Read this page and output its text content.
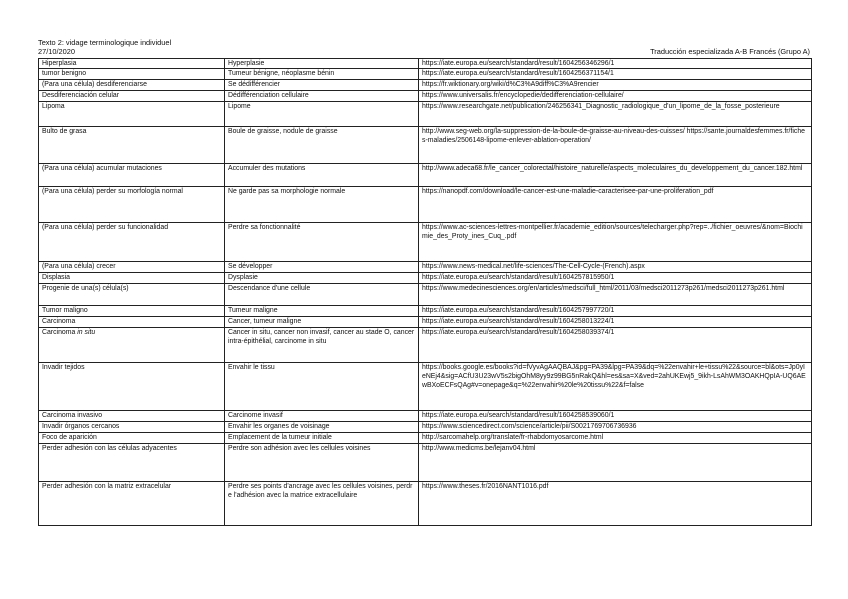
Texto 2: vidage terminologique individuel
27/10/2020	Traducción especializada A-B Francés (Grupo A)
Hiperplasia	Hyperplasie	https://iate.europa.eu/search/standard/result/1604256346296/1
tumor benigno	Tumeur bénigne, néoplasme bénin	https://iate.europa.eu/search/standard/result/1604256371154/1
(Para una célula) desdiferenciarse	Se dédifférencier	https://fr.wiktionary.org/wiki/d%C3%A9diff%C3%A9rencier
Desdiferenciación celular	Dédifférenciation cellulaire	https://www.universalis.fr/encyclopedie/dedifferenciation-cellulaire/
Lipoma	Lipome	https://www.researchgate.net/publication/246256341_Diagnostic_radiologique_d'un_lipome_de_la_fosse_posterieure
Bulto de grasa	Boule de graisse, nodule de graisse	http://www.seg-web.org/la-suppression-de-la-boule-de-graisse-au-niveau-des-cuisses/ https://sante.journaldesfemmes.fr/fiches-maladies/2506148-lipome-enlever-ablation-operation/
(Para una célula) acumular mutaciones	Accumuler des mutations	http://www.adeca68.fr/le_cancer_colorectal/histoire_naturelle/aspects_moleculaires_du_developpement_du_cancer.182.html
(Para una célula) perder su morfología normal	Ne garde pas sa morphologie normale	https://nanopdf.com/download/le-cancer-est-une-maladie-caracterisee-par-une-proliferation_pdf
(Para una célula) perder su funcionalidad	Perdre sa fonctionnalité	https://www.ac-sciences-lettres-montpellier.fr/academie_edition/sources/telecharger.php?rep=../fichier_oeuvres/&nom=Biochimie_des_Proty_ines_Cuq_.pdf
(Para una célula) crecer	Se développer	https://www.news-medical.net/life-sciences/The-Cell-Cycle-(French).aspx
Displasia	Dysplasie	https://iate.europa.eu/search/standard/result/1604257815950/1
Progenie de una(s) célula(s)	Descendance d'une cellule	https://www.medecinesciences.org/en/articles/medsci/full_html/2011/03/medsci2011273p261/medsci2011273p261.html
Tumor maligno	Tumeur maligne	https://iate.europa.eu/search/standard/result/1604257997720/1
Carcinoma	Cancer, tumeur maligne	https://iate.europa.eu/search/standard/result/1604258013224/1
Carcinoma in situ	Cancer in situ, cancer non invasif, cancer au stade O, cancer intra-épithélial, carcinome in situ	https://iate.europa.eu/search/standard/result/1604258039374/1
Invadir tejidos	Envahir le tissu	https://books.google.es/books?id=fVyvAgAAQBAJ&pg=PA39&lpg=PA39&dq=%22envahir+le+tissu%22&source=bl&ots=Jp0yIeNEj4&sig=ACfU3U23wV5s2bigOhM8yy9z99BG5nRakQ&hl=es&sa=X&ved=2ahUKEwj5_9ikh-LsAhWM3OAKHQpIA-UQ6AEwBXoECFsQAg#v=onepage&q=%22envahir%20le%20tissu%22&f=false
Carcinoma invasivo	Carcinome invasif	https://iate.europa.eu/search/standard/result/1604258539060/1
Invadir órganos cercanos	Envahir les organes de voisinage	https://www.sciencedirect.com/science/article/pii/S0021769706736936
Foco de aparición	Emplacement de la tumeur initiale	http://sarcomahelp.org/translate/fr-rhabdomyosarcome.html
Perder adhesión con las células adyacentes	Perdre son adhésion avec les cellules voisines	http://www.medicms.be/lejanv04.html
Perder adhesión con la matriz extracelular	Perdre ses points d'ancrage avec les cellules voisines, perdre l'adhésion avec la matrice extracellulaire	https://www.theses.fr/2016NANT1016.pdf
